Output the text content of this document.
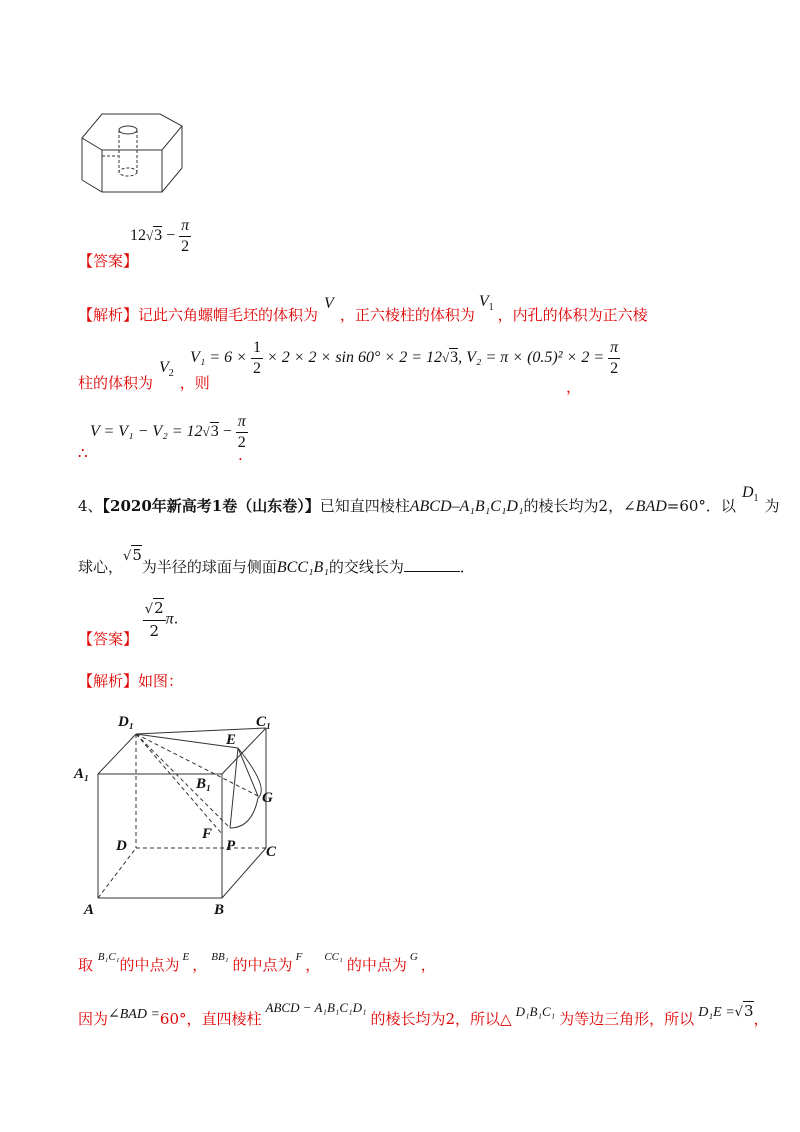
$12√3 - \frac{\pi}{2}$
【答案】
【解析】记此六角螺帽毛坯的体积为V，正六棱柱的体积为$V_1$ ，内孔的体积为正六棱
$V_1 = 6 \times \frac{1}{2} \times 2 \times 2 \times \sin 60^\circ \times 2 = 12√3$, $V_2 = \pi \times (0.5)^2 \times 2 = \frac{\pi}{2}$
柱的体积为$V_2$，则	，
$V = V_1 - V_2 = 12√3 - \frac{\pi}{2}$
∴	.
4、【2020年新高考1卷（山东卷）】已知直四棱柱ABCD–A₁B₁C₁D₁的棱长均为2，∠BAD=60°．以$D_1$ 为
球心，√5为半径的球面与侧面BCC₁B₁的交线长为	．
【答案】 $\frac{√2}{2} \pi$.
【解析】如图：
D₁	C₁
E
A₁
B₁
G
F
D	P C
A	B
取 $^{B_1C_1}$的中点为 $^E$ ， $^{BB_1}$ 的中点为 $^F$ ， $^{CC_1}$ 的中点为 $^G$ ，
因为∠BAD =60°，直四棱柱ABCD − A₁B₁C₁D₁的棱长均为2，所以△ D₁B₁C₁ 为等边三角形，所以 D₁E =√3，
